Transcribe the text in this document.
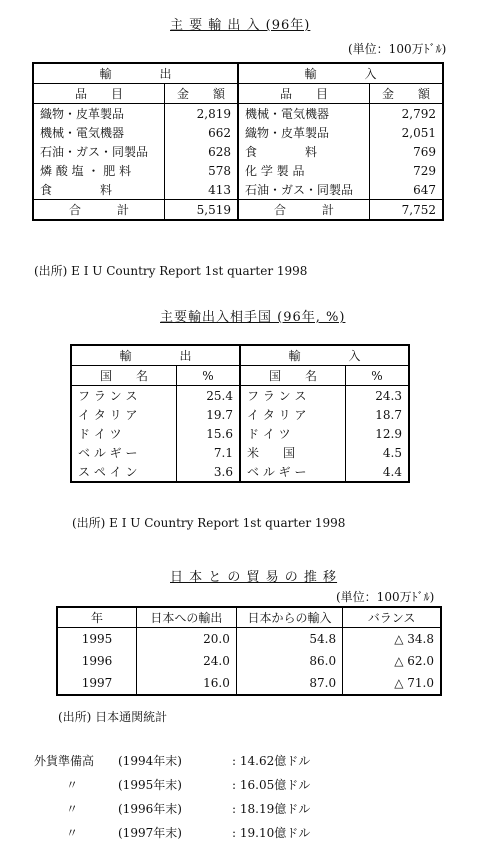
主 要 輸 出 入 (96年)
(単位：100万ﾄﾞﾙ)
輸　　　　出		輸　　　　入	
品　　目	金　　額	品　　目	金　　額
織物・皮革製品	2,819	機械・電気機器	2,792
機械・電気機器	662	織物・皮革製品	2,051
石油・ガス・同製品	628	食　　　　料	769
燐 酸 塩 ・ 肥 料	578	化 学 製 品	729
食　　　　料	413	石油・ガス・同製品	647
合　　　計	5,519	合　　　計	7,752
(出所) E I U Country Report 1st quarter 1998
主要輸出入相手国 (96年, %)
輸　　　　出		輸　　　　入	
国　　名	%	国　　名	%
フ ラ ン ス	25.4	フ ラ ン ス	24.3
イ タ リ ア	19.7	イ タ リ ア	18.7
ド イ ツ	15.6	ド イ ツ	12.9
ベ ル ギ ー	7.1	米　　国	4.5
ス ペ イ ン	3.6	ベ ル ギ ー	4.4
(出所) E I U Country Report 1st quarter 1998
日 本 と の 貿 易 の 推 移
(単位：100万ﾄﾞﾙ)
年	日本への輸出	日本からの輸入	バランス
1995	20.0	54.8	△ 34.8
1996	24.0	86.0	△ 62.0
1997	16.0	87.0	△ 71.0
(出所) 日本通関統計
外貨準備高 (1994年末)	: 14.62億ドル
〃	(1995年末)	: 16.05億ドル
〃	(1996年末)	: 18.19億ドル
〃	(1997年末)	: 19.10億ドル
